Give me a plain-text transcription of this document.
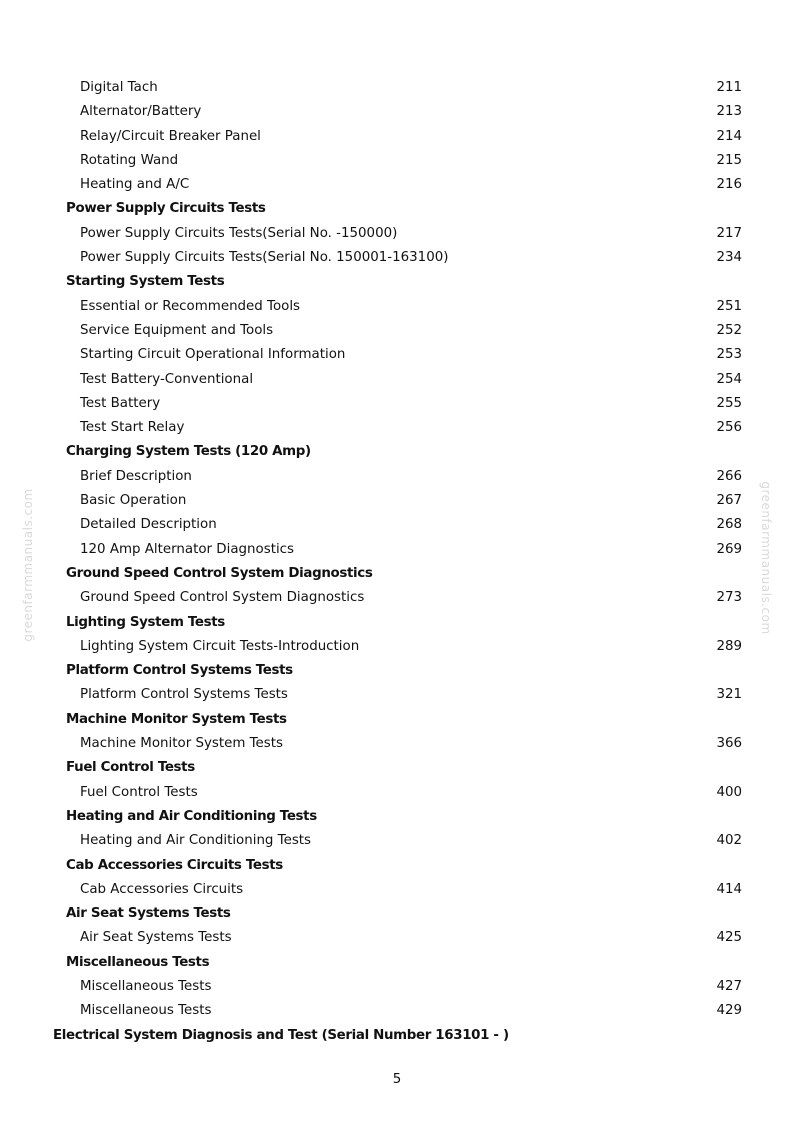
greenfarmmanuals.com	greenfarmmanuals.com
Digital Tach	211
Alternator/Battery	213
Relay/Circuit Breaker Panel	214
Rotating Wand	215
Heating and A/C	216
Power Supply Circuits Tests
Power Supply Circuits Tests(Serial No. -150000)	217
Power Supply Circuits Tests(Serial No. 150001-163100)	234
Starting System Tests
Essential or Recommended Tools	251
Service Equipment and Tools	252
Starting Circuit Operational Information	253
Test Battery-Conventional	254
Test Battery	255
Test Start Relay	256
Charging System Tests (120 Amp)
Brief Description	266
Basic Operation	267
Detailed Description	268
120 Amp Alternator Diagnostics	269
Ground Speed Control System Diagnostics
Ground Speed Control System Diagnostics	273
Lighting System Tests
Lighting System Circuit Tests-Introduction	289
Platform Control Systems Tests
Platform Control Systems Tests	321
Machine Monitor System Tests
Machine Monitor System Tests	366
Fuel Control Tests
Fuel Control Tests	400
Heating and Air Conditioning Tests
Heating and Air Conditioning Tests	402
Cab Accessories Circuits Tests
Cab Accessories Circuits	414
Air Seat Systems Tests
Air Seat Systems Tests	425
Miscellaneous Tests
Miscellaneous Tests	427
Miscellaneous Tests	429
Electrical System Diagnosis and Test (Serial Number 163101 - )
5
